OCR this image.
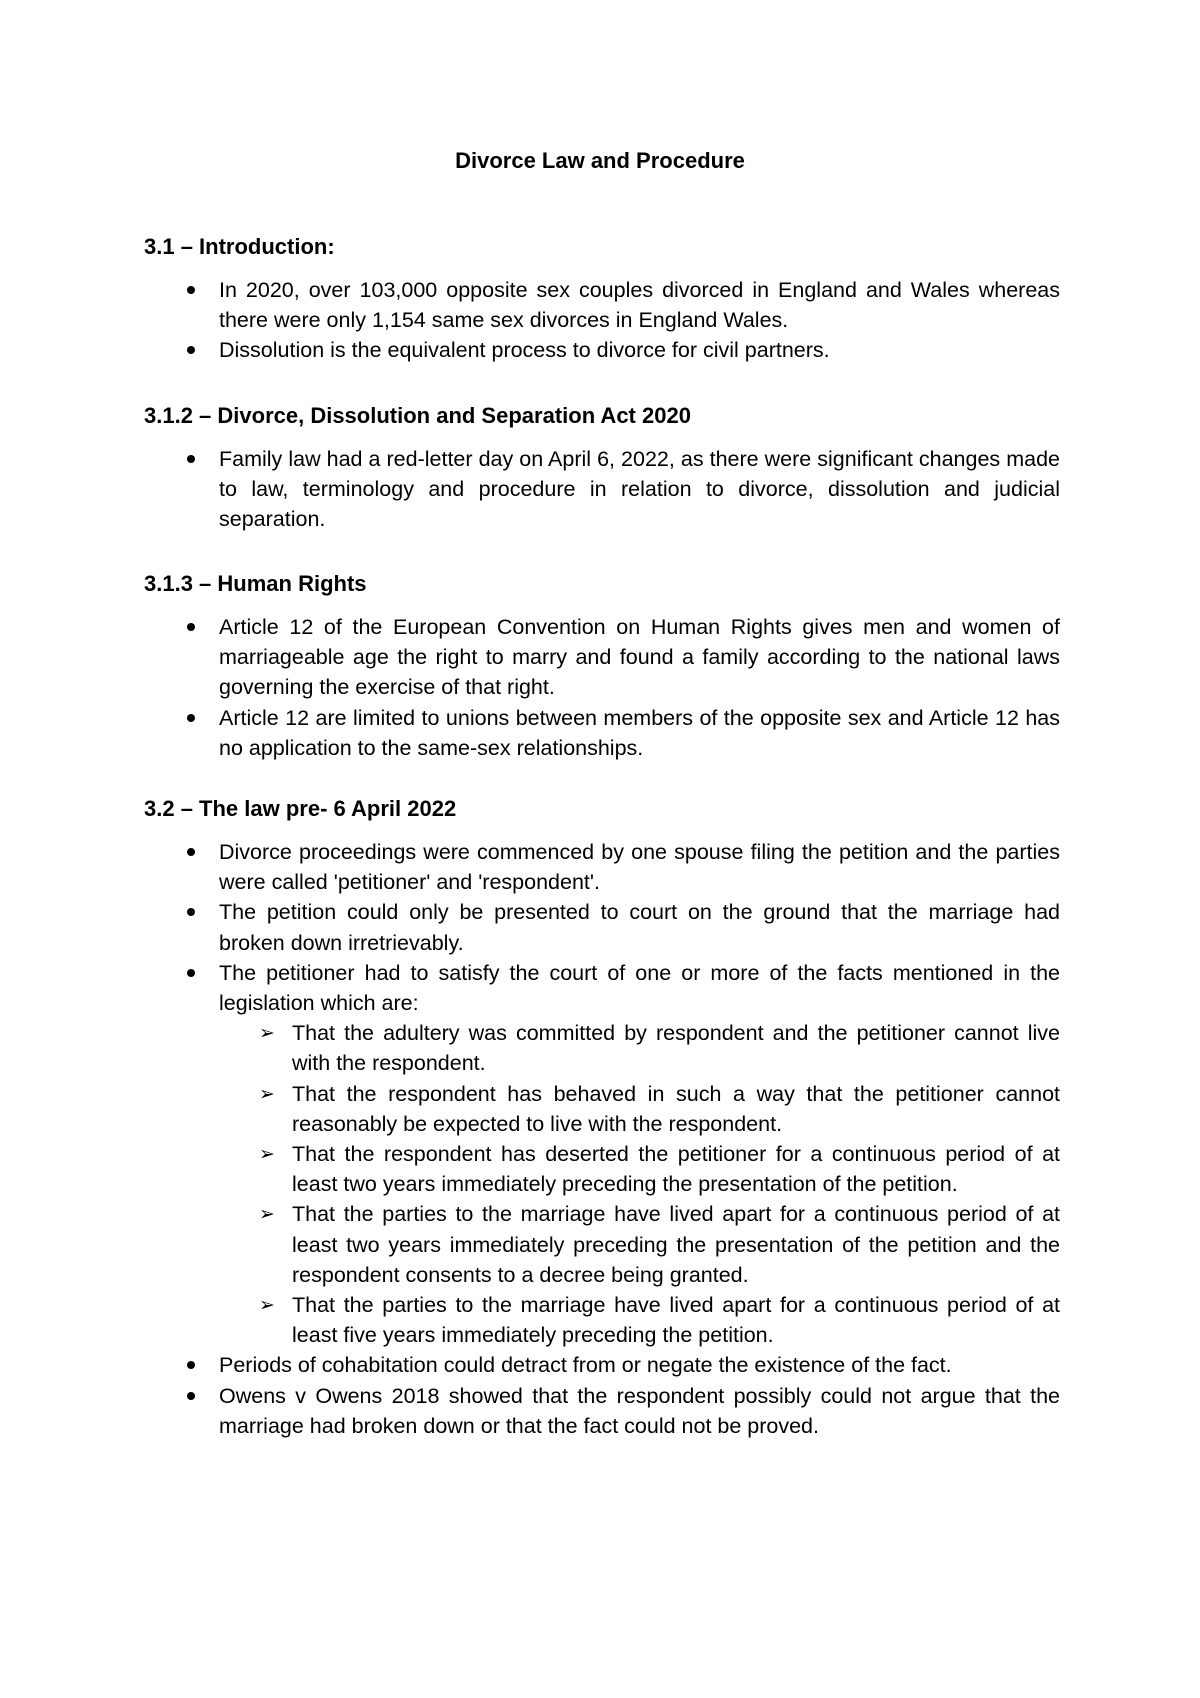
Divorce Law and Procedure
3.1 – Introduction:
In 2020, over 103,000 opposite sex couples divorced in England and Wales whereas there were only 1,154 same sex divorces in England Wales.
Dissolution is the equivalent process to divorce for civil partners.
3.1.2 – Divorce, Dissolution and Separation Act 2020
Family law had a red-letter day on April 6, 2022, as there were significant changes made to law, terminology and procedure in relation to divorce, dissolution and judicial separation.
3.1.3 – Human Rights
Article 12 of the European Convention on Human Rights gives men and women of marriageable age the right to marry and found a family according to the national laws governing the exercise of that right.
Article 12 are limited to unions between members of the opposite sex and Article 12 has no application to the same-sex relationships.
3.2 – The law pre- 6 April 2022
Divorce proceedings were commenced by one spouse filing the petition and the parties were called 'petitioner' and 'respondent'.
The petition could only be presented to court on the ground that the marriage had broken down irretrievably.
The petitioner had to satisfy the court of one or more of the facts mentioned in the legislation which are:
➢ That the adultery was committed by respondent and the petitioner cannot live with the respondent.
➢ That the respondent has behaved in such a way that the petitioner cannot reasonably be expected to live with the respondent.
➢ That the respondent has deserted the petitioner for a continuous period of at least two years immediately preceding the presentation of the petition.
➢ That the parties to the marriage have lived apart for a continuous period of at least two years immediately preceding the presentation of the petition and the respondent consents to a decree being granted.
➢ That the parties to the marriage have lived apart for a continuous period of at least five years immediately preceding the petition.
Periods of cohabitation could detract from or negate the existence of the fact.
Owens v Owens 2018 showed that the respondent possibly could not argue that the marriage had broken down or that the fact could not be proved.
